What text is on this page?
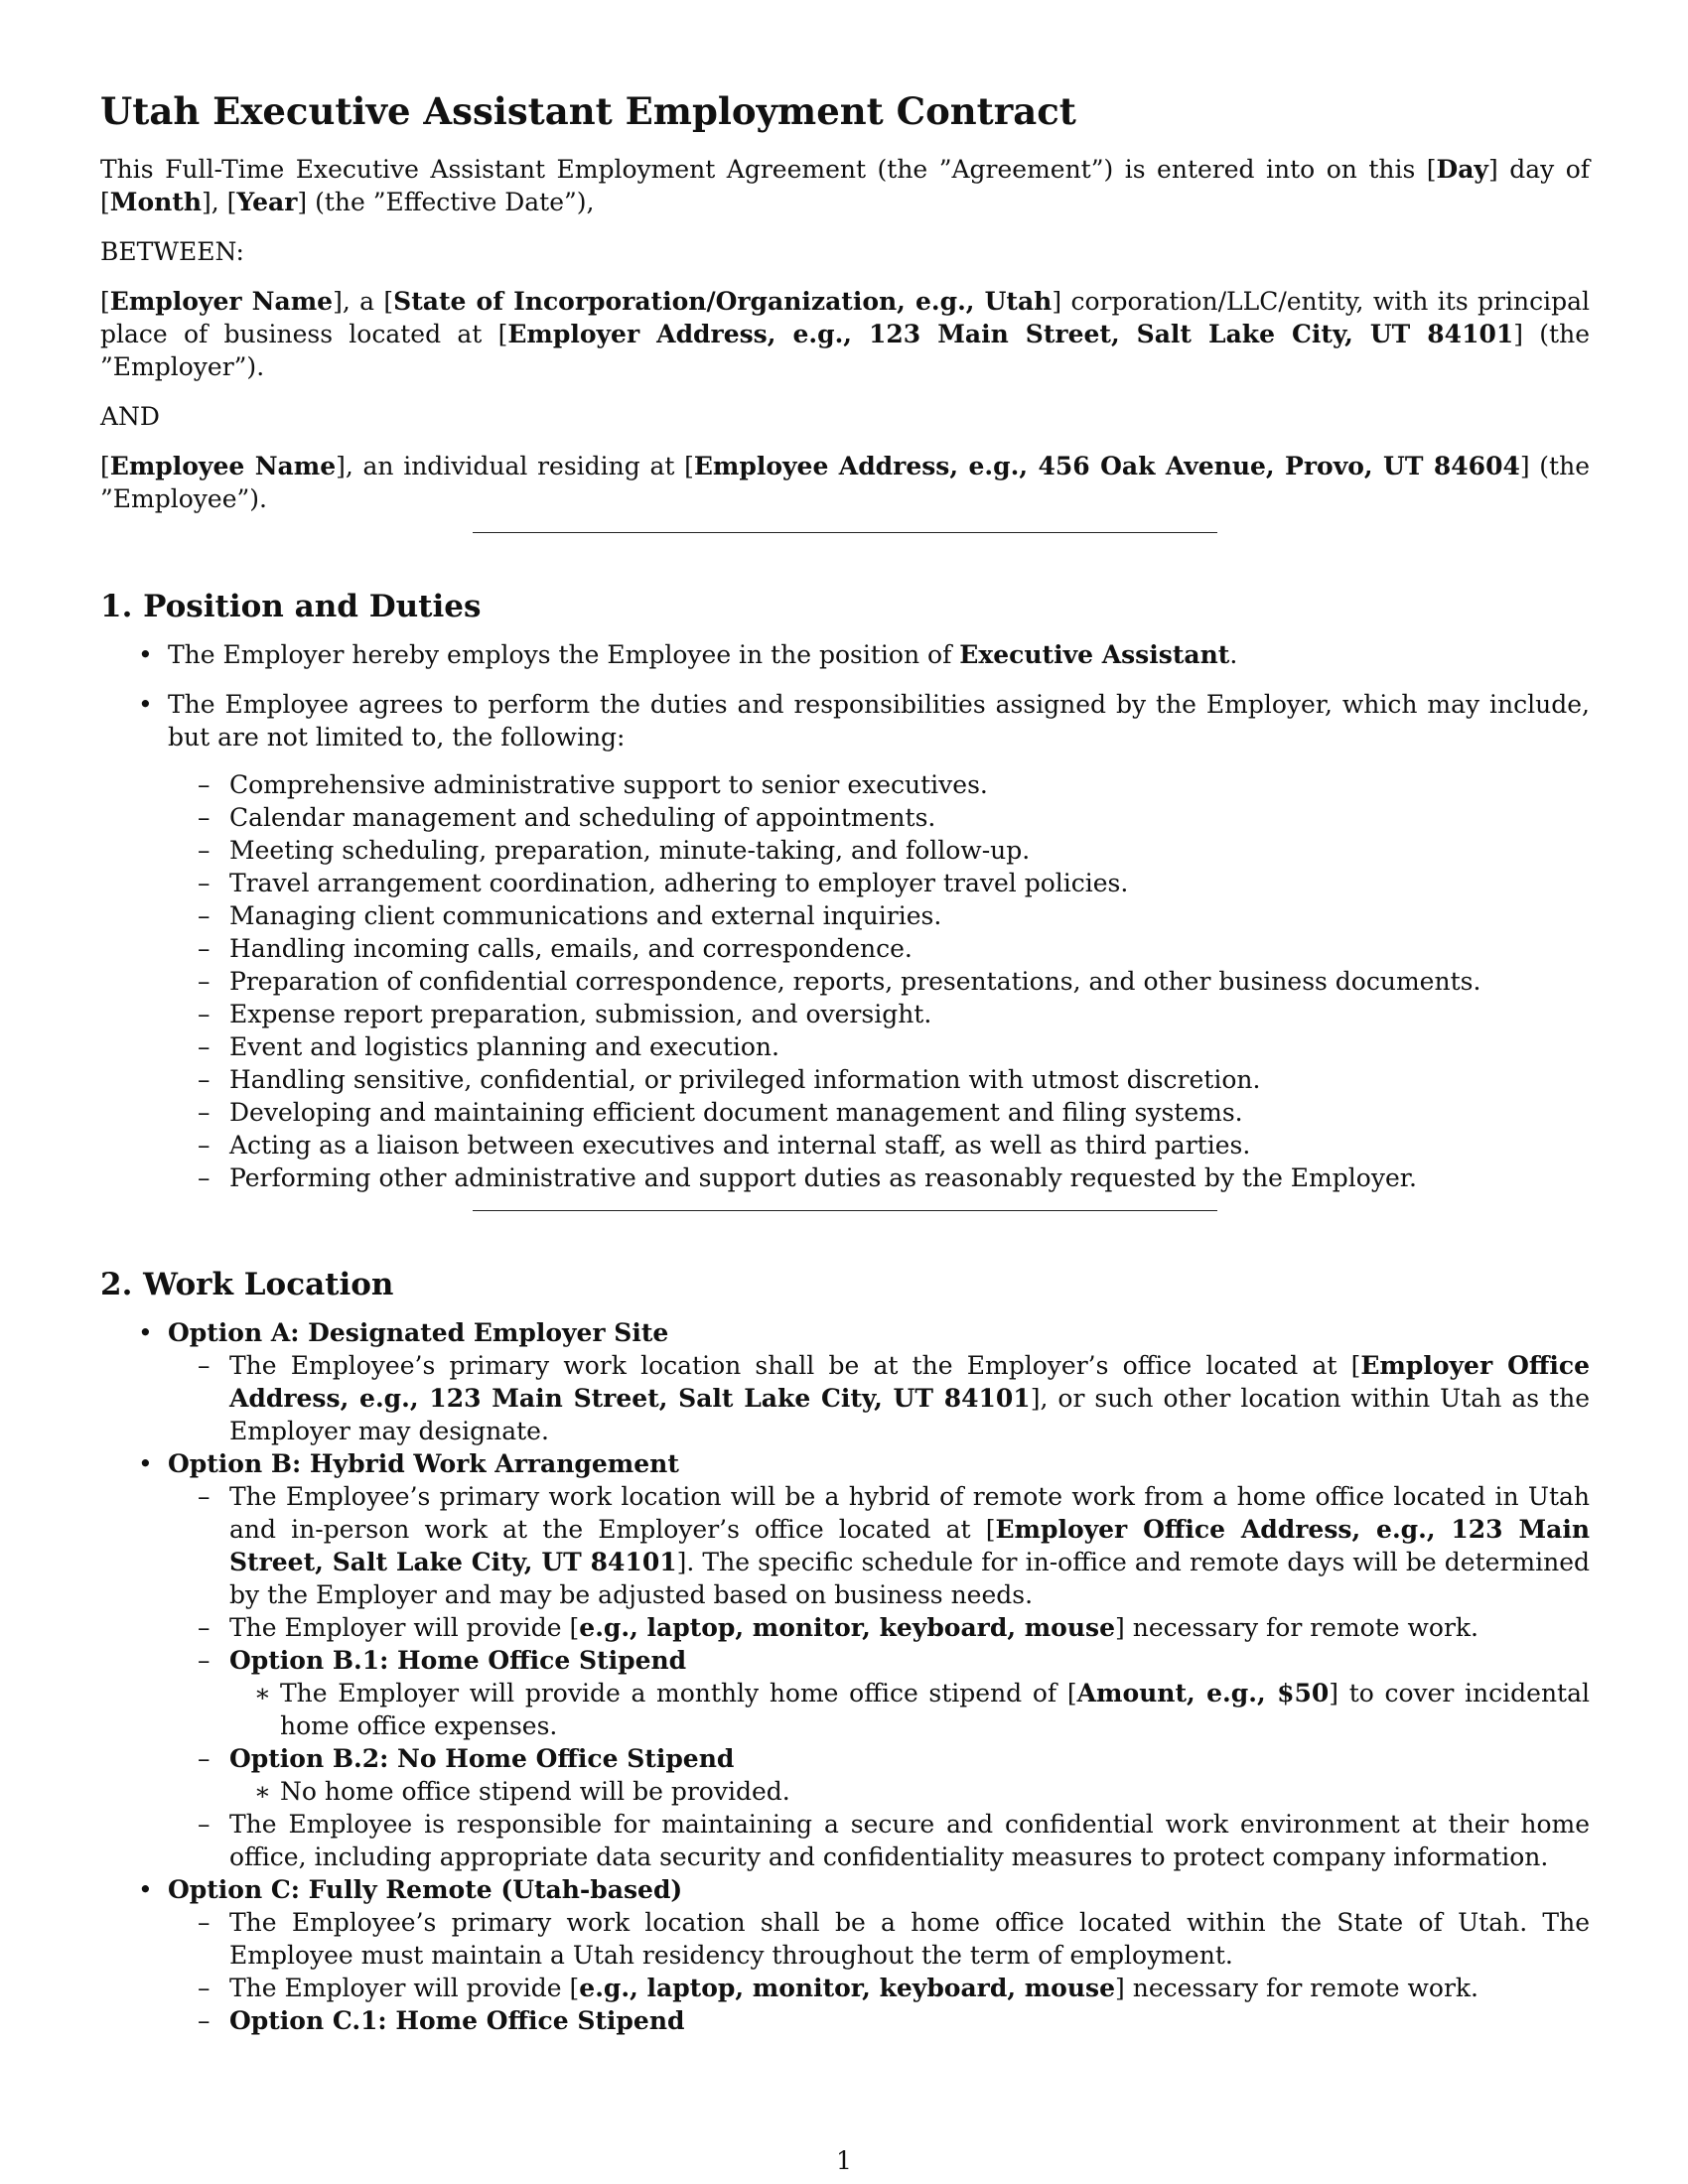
Utah Executive Assistant Employment Contract

This Full-Time Executive Assistant Employment Agreement (the ”Agreement”) is entered into on this [Day] day of [Month], [Year] (the ”Effective Date”),

BETWEEN:

[Employer Name], a [State of Incorporation/Organization, e.g., Utah] corporation/LLC/entity, with its principal place of business located at [Employer Address, e.g., 123 Main Street, Salt Lake City, UT 84101] (the ”Employer”).

AND

[Employee Name], an individual residing at [Employee Address, e.g., 456 Oak Avenue, Provo, UT 84604] (the ”Employee”).

1. Position and Duties
• The Employer hereby employs the Employee in the position of Executive Assistant.
• The Employee agrees to perform the duties and responsibilities assigned by the Employer, which may include, but are not limited to, the following:
– Comprehensive administrative support to senior executives.
– Calendar management and scheduling of appointments.
– Meeting scheduling, preparation, minute-taking, and follow-up.
– Travel arrangement coordination, adhering to employer travel policies.
– Managing client communications and external inquiries.
– Handling incoming calls, emails, and correspondence.
– Preparation of confidential correspondence, reports, presentations, and other business documents.
– Expense report preparation, submission, and oversight.
– Event and logistics planning and execution.
– Handling sensitive, confidential, or privileged information with utmost discretion.
– Developing and maintaining efficient document management and filing systems.
– Acting as a liaison between executives and internal staff, as well as third parties.
– Performing other administrative and support duties as reasonably requested by the Employer.
2. Work Location
• Option A: Designated Employer Site
– The Employee’s primary work location shall be at the Employer’s office located at [Employer Office Address, e.g., 123 Main Street, Salt Lake City, UT 84101], or such other location within Utah as the Employer may designate.
• Option B: Hybrid Work Arrangement
– The Employee’s primary work location will be a hybrid of remote work from a home office located in Utah and in-person work at the Employer’s office located at [Employer Office Address, e.g., 123 Main Street, Salt Lake City, UT 84101]. The specific schedule for in-office and remote days will be determined by the Employer and may be adjusted based on business needs.
– The Employer will provide [e.g., laptop, monitor, keyboard, mouse] necessary for remote work.
– Option B.1: Home Office Stipend
∗ The Employer will provide a monthly home office stipend of [Amount, e.g., $50] to cover incidental home office expenses.
– Option B.2: No Home Office Stipend
∗ No home office stipend will be provided.
– The Employee is responsible for maintaining a secure and confidential work environment at their home office, including appropriate data security and confidentiality measures to protect company information.
• Option C: Fully Remote (Utah-based)
– The Employee’s primary work location shall be a home office located within the State of Utah. The Employee must maintain a Utah residency throughout the term of employment.
– The Employer will provide [e.g., laptop, monitor, keyboard, mouse] necessary for remote work.
– Option C.1: Home Office Stipend
1
